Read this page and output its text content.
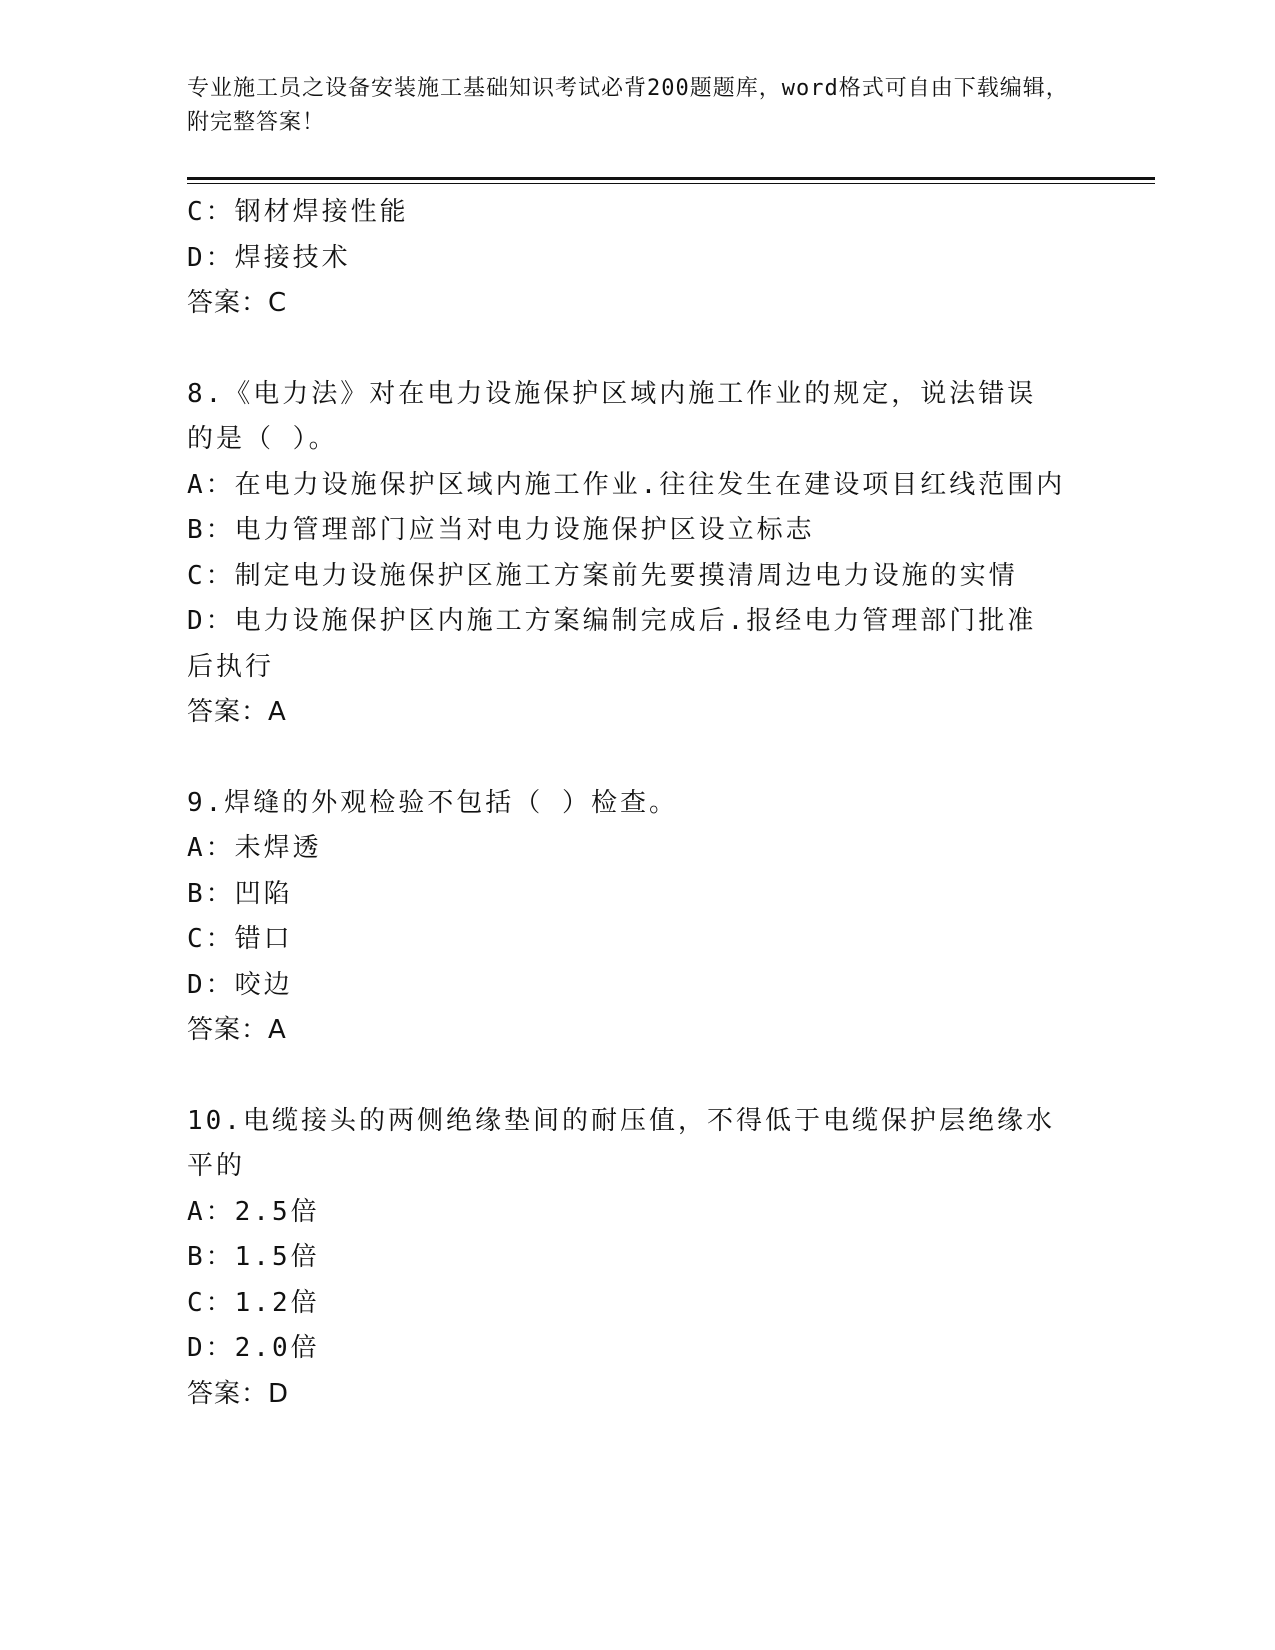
专业施工员之设备安装施工基础知识考试必背200题题库，word格式可自由下载编辑，附完整答案！
C：钢材焊接性能
D：焊接技术
答案：C
8.《电力法》对在电力设施保护区域内施工作业的规定，说法错误的是（ ）。
A：在电力设施保护区域内施工作业.往往发生在建设项目红线范围内
B：电力管理部门应当对电力设施保护区设立标志
C：制定电力设施保护区施工方案前先要摸清周边电力设施的实情
D：电力设施保护区内施工方案编制完成后.报经电力管理部门批准后执行
答案：A
9.焊缝的外观检验不包括（ ）检查。
A：未焊透
B：凹陷
C：错口
D：咬边
答案：A
10.电缆接头的两侧绝缘垫间的耐压值，不得低于电缆保护层绝缘水平的
A：2.5倍
B：1.5倍
C：1.2倍
D：2.0倍
答案：D
